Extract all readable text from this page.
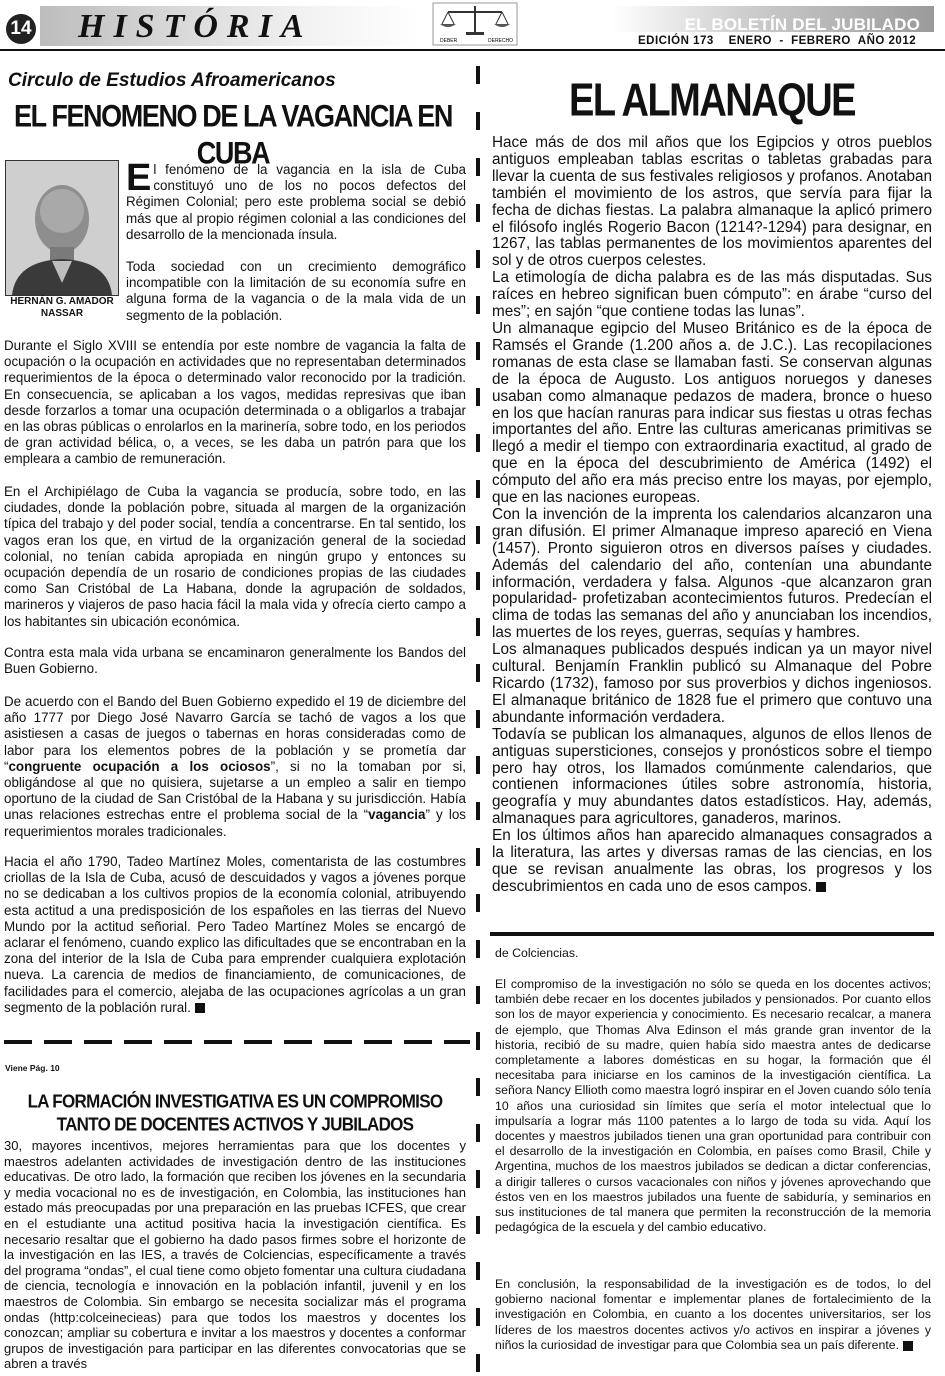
14 HISTÓRIA	DEBER	DERECHO
EL BOLETÍN DEL JUBILADO
EDICIÓN 173    ENERO  -  FEBRERO  AÑO 2012
Circulo de Estudios Afroamericanos
EL FENOMENO DE LA VAGANCIA EN CUBA
HERNÁN G. AMADOR NASSAR

El fenómeno de la vagancia en la isla de Cuba constituyó uno de los no pocos defectos del Régimen Colonial; pero este problema social se debió más que al propio régimen colonial a las condiciones del desarrollo de la mencionada ínsula.

Toda sociedad con un crecimiento demográfico incompatible con la limitación de su economía sufre en alguna forma de la vagancia o de la mala vida de un segmento de la población.

Durante el Siglo XVIII se entendía por este nombre de vagancia la falta de ocupación o la ocupación en actividades que no representaban determinados requerimientos de la época o determinado valor reconocido por la tradición. En consecuencia, se aplicaban a los vagos, medidas represivas que iban desde forzarlos a tomar una ocupación determinada o a obligarlos a trabajar en las obras públicas o enrolarlos en la marinería, sobre todo, en los periodos de gran actividad bélica, o, a veces, se les daba un patrón para que los empleara a cambio de remuneración.

En el Archipiélago de Cuba la vagancia se producía, sobre todo, en las ciudades, donde la población pobre, situada al margen de la organización típica del trabajo y del poder social, tendía a concentrarse. En tal sentido, los vagos eran los que, en virtud de la organización general de la sociedad colonial, no tenían cabida apropiada en ningún grupo y entonces su ocupación dependía de un rosario de condiciones propias de las ciudades como San Cristóbal de La Habana, donde la agrupación de soldados, marineros y viajeros de paso hacia fácil la mala vida y ofrecía cierto campo a los habitantes sin ubicación económica.

Contra esta mala vida urbana se encaminaron generalmente los Bandos del Buen Gobierno.

De acuerdo con el Bando del Buen Gobierno expedido el 19 de diciembre del año 1777 por Diego José Navarro García se tachó de vagos a los que asistiesen a casas de juegos o tabernas en horas consideradas como de labor para los elementos pobres de la población y se prometía dar “congruente ocupación a los ociosos”, si no la tomaban por si, obligándose al que no quisiera, sujetarse a un empleo a salir en tiempo oportuno de la ciudad de San Cristóbal de la Habana y su jurisdicción. Había unas relaciones estrechas entre el problema social de la “vagancia” y los requerimientos morales tradicionales.

Hacia el año 1790, Tadeo Martínez Moles, comentarista de las costumbres criollas de la Isla de Cuba, acusó de descuidados y vagos a jóvenes porque no se dedicaban a los cultivos propios de la economía colonial, atribuyendo esta actitud a una predisposición de los españoles en las tierras del Nuevo Mundo por la actitud señorial. Pero Tadeo Martínez Moles se encargó de aclarar el fenómeno, cuando explico las dificultades que se encontraban en la zona del interior de la Isla de Cuba para emprender cualquiera explotación nueva. La carencia de medios de financiamiento, de comunicaciones, de facilidades para el comercio, alejaba de las ocupaciones agrícolas a un gran segmento de la población rural.

Viene Pág. 10
LA FORMACIÓN INVESTIGATIVA ES UN COMPROMISO TANTO DE DOCENTES ACTIVOS Y JUBILADOS

30, mayores incentivos, mejores herramientas para que los docentes y maestros adelanten actividades de investigación dentro de las instituciones educativas. De otro lado, la formación que reciben los jóvenes en la secundaria y media vocacional no es de investigación, en Colombia, las instituciones han estado más preocupadas por una preparación en las pruebas ICFES, que crear en el estudiante una actitud positiva hacia la investigación científica. Es necesario resaltar que el gobierno ha dado pasos firmes sobre el horizonte de la investigación en las IES, a través de Colciencias, específicamente a través del programa “ondas”, el cual tiene como objeto fomentar una cultura ciudadana de ciencia, tecnología e innovación en la población infantil, juvenil y en los maestros de Colombia. Sin embargo se necesita socializar más el programa ondas (http:colceinecieas) para que todos los maestros y docentes los conozcan; ampliar su cobertura e invitar a los maestros y docentes a conformar grupos de investigación para participar en las diferentes convocatorias que se abren a través

EL ALMANAQUE

Hace más de dos mil años que los Egipcios y otros pueblos antiguos empleaban tablas escritas o tabletas grabadas para llevar la cuenta de sus festivales religiosos y profanos. Anotaban también el movimiento de los astros, que servía para fijar la fecha de dichas fiestas. La palabra almanaque la aplicó primero el filósofo inglés Rogerio Bacon (1214?-1294) para designar, en 1267, las tablas permanentes de los movimientos aparentes del sol y de otros cuerpos celestes.

La etimología de dicha palabra es de las más disputadas. Sus raíces en hebreo significan buen cómputo”: en árabe “curso del mes”; en sajón “que contiene todas las lunas”.

Un almanaque egipcio del Museo Británico es de la época de Ramsés el Grande (1.200 años a. de J.C.). Las recopilaciones romanas de esta clase se llamaban fasti. Se conservan algunas de la época de Augusto. Los antiguos noruegos y daneses usaban como almanaque pedazos de madera, bronce o hueso en los que hacían ranuras para indicar sus fiestas u otras fechas importantes del año. Entre las culturas americanas primitivas se llegó a medir el tiempo con extraordinaria exactitud, al grado de que en la época del descubrimiento de América (1492) el cómputo del año era más preciso entre los mayas, por ejemplo, que en las naciones europeas.

Con la invención de la imprenta los calendarios alcanzaron una gran difusión. El primer Almanaque impreso apareció en Viena (1457). Pronto siguieron otros en diversos países y ciudades. Además del calendario del año, contenían una abundante información, verdadera y falsa. Algunos -que alcanzaron gran popularidad- profetizaban acontecimientos futuros. Predecían el clima de todas las semanas del año y anunciaban los incendios, las muertes de los reyes, guerras, sequías y hambres.

Los almanaques publicados después indican ya un mayor nivel cultural. Benjamín Franklin publicó su Almanaque del Pobre Ricardo (1732), famoso por sus proverbios y dichos ingeniosos. El almanaque británico de 1828 fue el primero que contuvo una abundante información verdadera.

Todavía se publican los almanaques, algunos de ellos llenos de antiguas supersticiones, consejos y pronósticos sobre el tiempo pero hay otros, los llamados comúnmente calendarios, que contienen informaciones útiles sobre astronomía, historia, geografía y muy abundantes datos estadísticos. Hay, además, almanaques para agricultores, ganaderos, marinos.

En los últimos años han aparecido almanaques consagrados a la literatura, las artes y diversas ramas de las ciencias, en los que se revisan anualmente las obras, los progresos y los descubrimientos en cada uno de esos campos.

de Colciencias.

El compromiso de la investigación no sólo se queda en los docentes activos; también debe recaer en los docentes jubilados y pensionados. Por cuanto ellos son los de mayor experiencia y conocimiento. Es necesario recalcar, a manera de ejemplo, que Thomas Alva Edinson el más grande gran inventor de la historia, recibió de su madre, quien había sido maestra antes de dedicarse completamente a labores domésticas en su hogar, la formación que él necesitaba para iniciarse en los caminos de la investigación científica. La señora Nancy Ellioth como maestra logró inspirar en el Joven cuando sólo tenía 10 años una curiosidad sin límites que sería el motor intelectual que lo impulsaría a lograr más 1100 patentes a lo largo de toda su vida. Aquí los docentes y maestros jubilados tienen una gran oportunidad para contribuir con el desarrollo de la investigación en Colombia, en países como Brasil, Chile y Argentina, muchos de los maestros jubilados se dedican a dictar conferencias, a dirigir talleres o cursos vacacionales con niños y jóvenes aprovechando que éstos ven en los maestros jubilados una fuente de sabiduría, y seminarios en sus instituciones de tal manera que permiten la reconstrucción de la memoria pedagógica de la escuela y del cambio educativo.

En conclusión, la responsabilidad de la investigación es de todos, lo del gobierno nacional fomentar e implementar planes de fortalecimiento de la investigación en Colombia, en cuanto a los docentes universitarios, ser los líderes de los maestros docentes activos y/o activos en inspirar a jóvenes y niños la curiosidad de investigar para que Colombia sea un país diferente.
